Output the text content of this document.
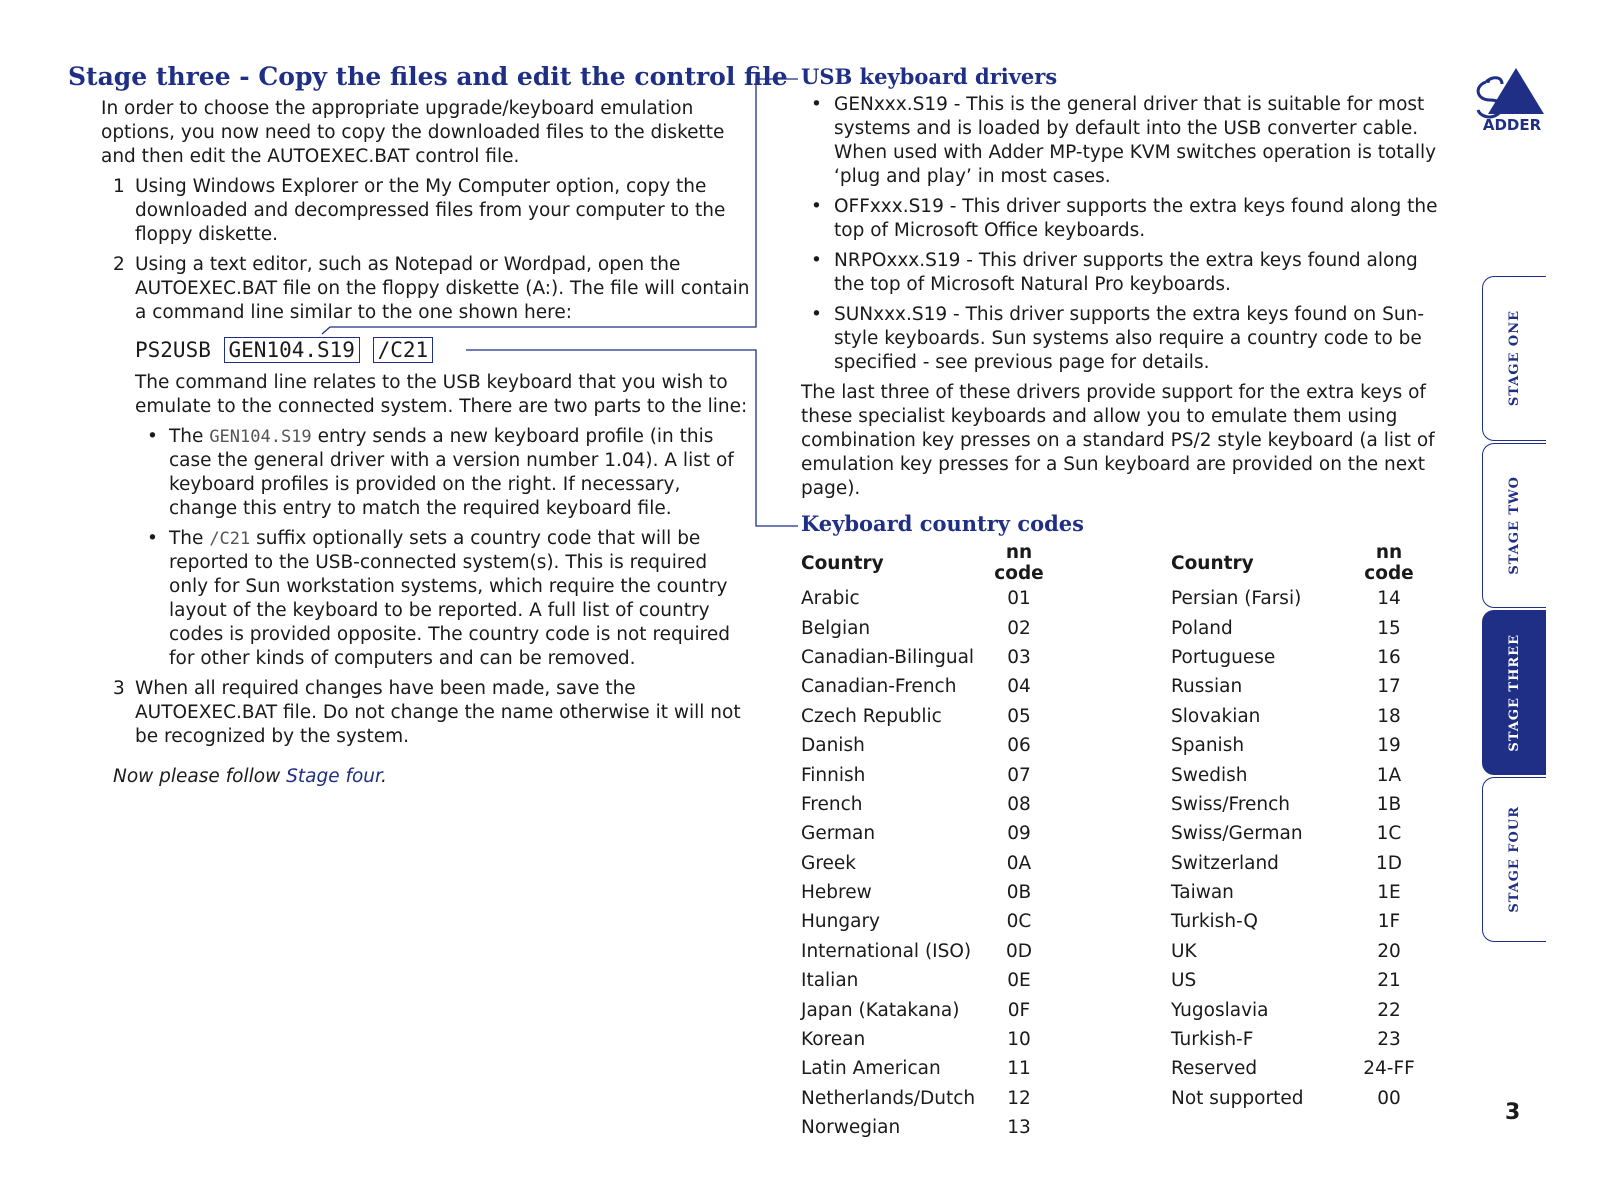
Stage three - Copy the files and edit the control file

In order to choose the appropriate upgrade/keyboard emulation options, you now need to copy the downloaded files to the diskette and then edit the AUTOEXEC.BAT control file.

1 Using Windows Explorer or the My Computer option, copy the downloaded and decompressed files from your computer to the floppy diskette.
2 Using a text editor, such as Notepad or Wordpad, open the AUTOEXEC.BAT file on the floppy diskette (A:). The file will contain a command line similar to the one shown here:
PS2USB GEN104.S19 /C21

The command line relates to the USB keyboard that you wish to emulate to the connected system. There are two parts to the line:

• The GEN104.S19 entry sends a new keyboard profile (in this case the general driver with a version number 1.04). A list of keyboard profiles is provided on the right. If necessary, change this entry to match the required keyboard file.
• The /C21 suffix optionally sets a country code that will be reported to the USB-connected system(s). This is required only for Sun workstation systems, which require the country layout of the keyboard to be reported. A full list of country codes is provided opposite. The country code is not required for other kinds of computers and can be removed.
3 When all required changes have been made, save the AUTOEXEC.BAT file. Do not change the name otherwise it will not be recognized by the system.

Now please follow Stage four.

USB keyboard drivers
• GENxxx.S19 - This is the general driver that is suitable for most systems and is loaded by default into the USB converter cable. When used with Adder MP-type KVM switches operation is totally ‘plug and play’ in most cases.
• OFFxxx.S19 - This driver supports the extra keys found along the top of Microsoft Office keyboards.
• NRPOxxx.S19 - This driver supports the extra keys found along the top of Microsoft Natural Pro keyboards.
• SUNxxx.S19 - This driver supports the extra keys found on Sun-style keyboards. Sun systems also require a country code to be specified - see previous page for details.

The last three of these drivers provide support for the extra keys of these specialist keyboards and allow you to emulate them using combination key presses on a standard PS/2 style keyboard (a list of emulation key presses for a Sun keyboard are provided on the next page).

Keyboard country codes
Country	nn code		Country	nn code
Arabic	01		Persian (Farsi)	14
Belgian	02		Poland	15
Canadian-Bilingual	03		Portuguese	16
Canadian-French	04		Russian	17
Czech Republic	05		Slovakian	18
Danish	06		Spanish	19
Finnish	07		Swedish	1A
French	08		Swiss/French	1B
German	09		Swiss/German	1C
Greek	0A		Switzerland	1D
Hebrew	0B		Taiwan	1E
Hungary	0C		Turkish-Q	1F
International (ISO)	0D		UK	20
Italian	0E		US	21
Japan (Katakana)	0F		Yugoslavia	22
Korean	10		Turkish-F	23
Latin American	11		Reserved	24-FF
Netherlands/Dutch	12		Not supported	00
Norwegian	13			
ADDER
STAGE ONE
STAGE TWO
STAGE THREE
STAGE FOUR
3
